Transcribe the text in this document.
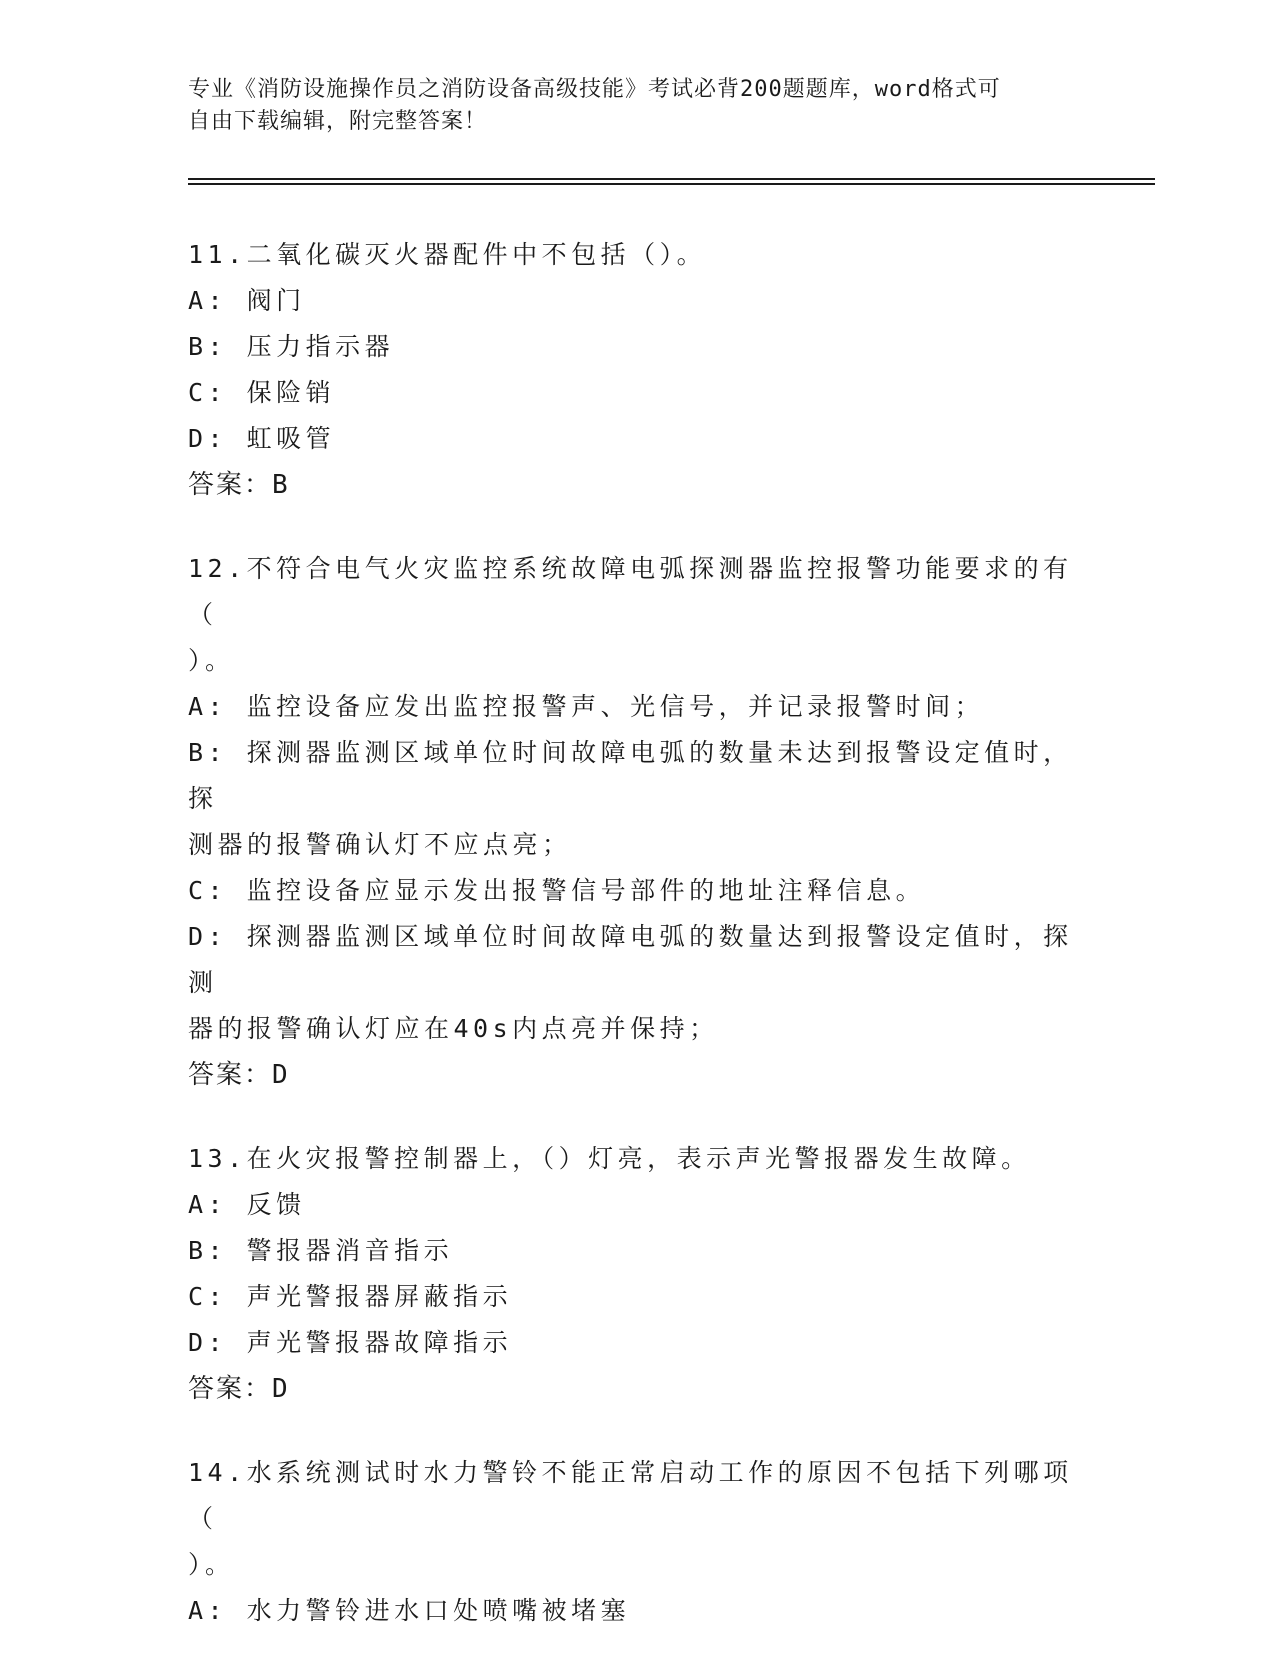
专业《消防设施操作员之消防设备高级技能》考试必背200题题库，word格式可
自由下载编辑，附完整答案！
11.二氧化碳灭火器配件中不包括（）。
A: 阀门
B: 压力指示器
C: 保险销
D: 虹吸管
答案：B
12.不符合电气火灾监控系统故障电弧探测器监控报警功能要求的有（
）。
A: 监控设备应发出监控报警声、光信号，并记录报警时间；
B: 探测器监测区域单位时间故障电弧的数量未达到报警设定值时，探
测器的报警确认灯不应点亮；
C: 监控设备应显示发出报警信号部件的地址注释信息。
D: 探测器监测区域单位时间故障电弧的数量达到报警设定值时，探测
器的报警确认灯应在40s内点亮并保持；
答案：D
13.在火灾报警控制器上，（）灯亮，表示声光警报器发生故障。
A: 反馈
B: 警报器消音指示
C: 声光警报器屏蔽指示
D: 声光警报器故障指示
答案：D
14.水系统测试时水力警铃不能正常启动工作的原因不包括下列哪项（
）。
A: 水力警铃进水口处喷嘴被堵塞
